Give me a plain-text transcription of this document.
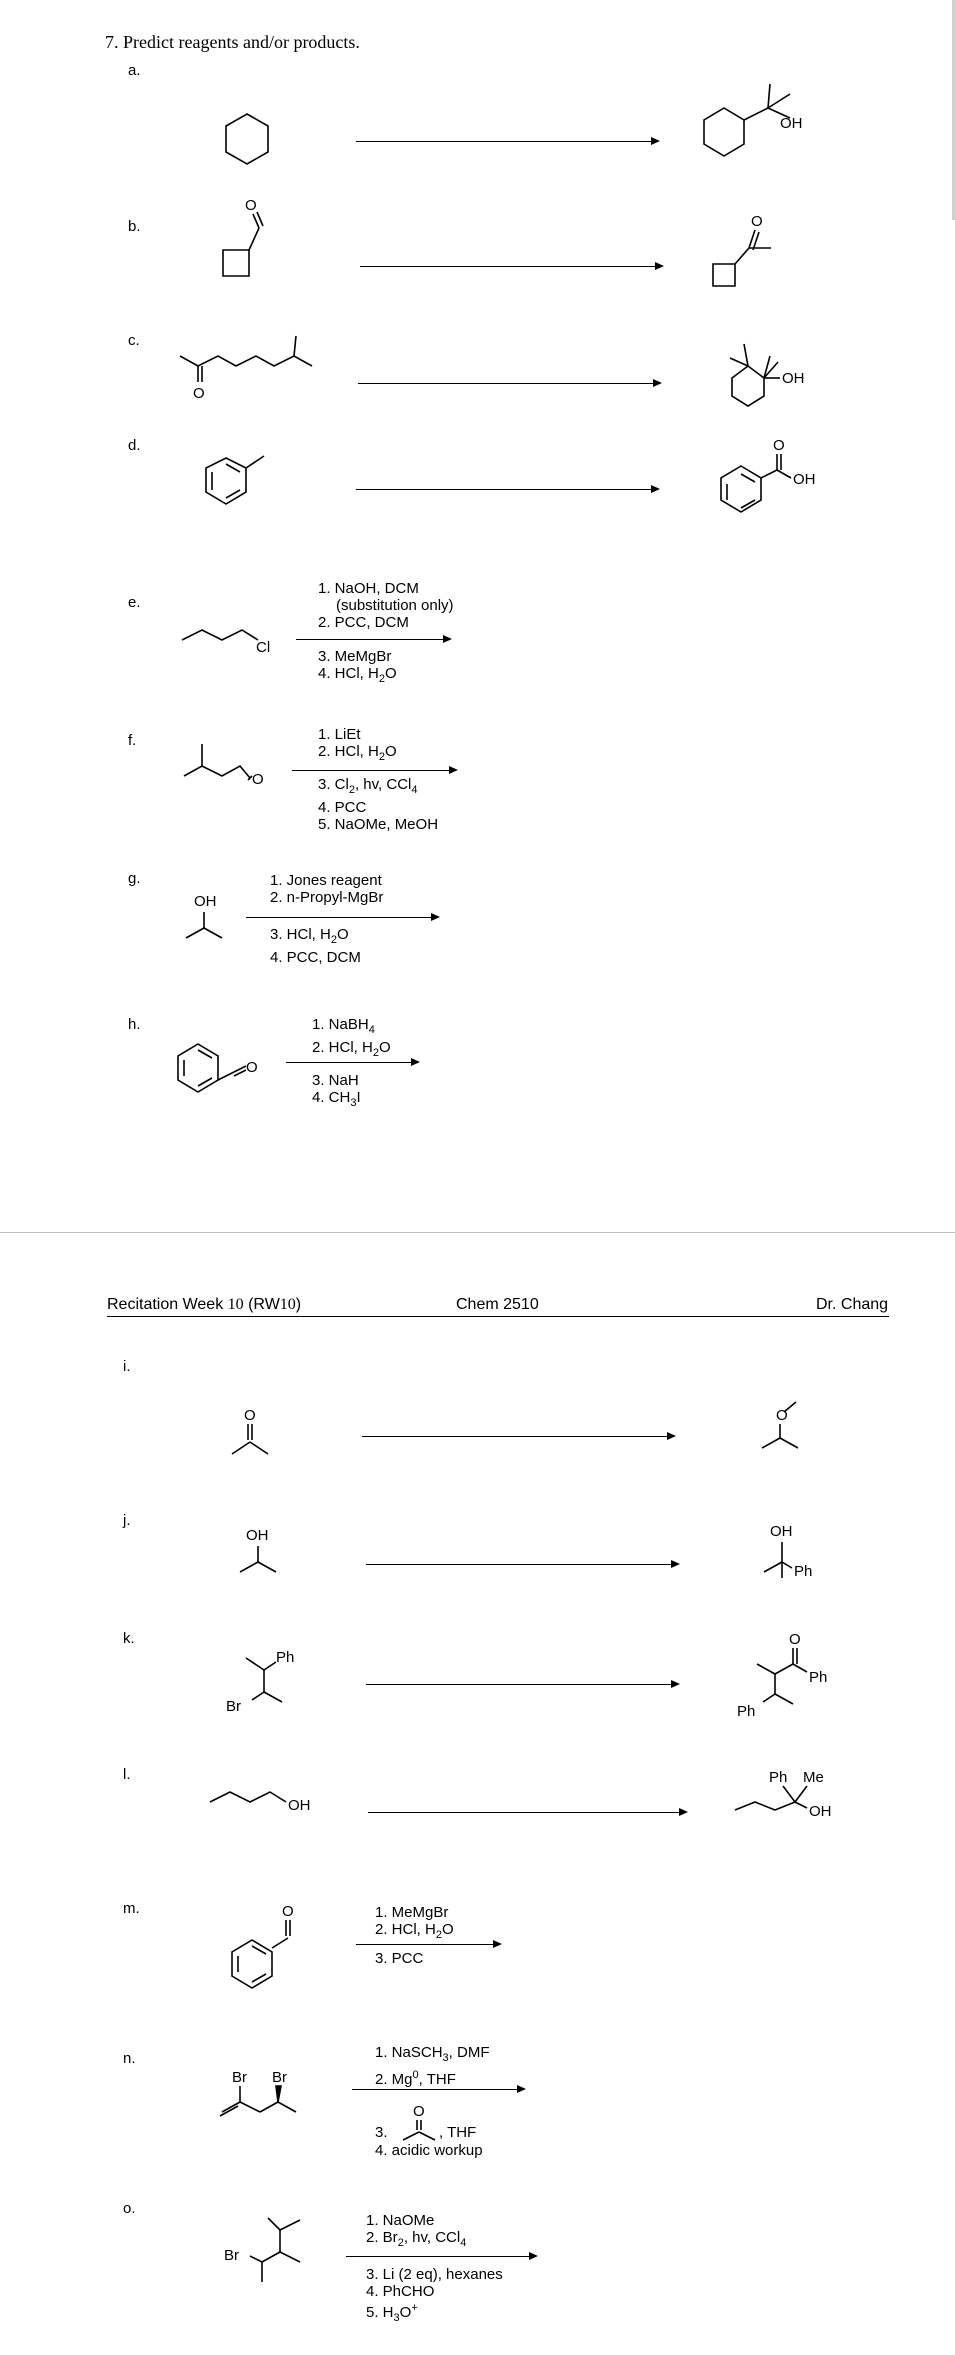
7. Predict reagents and/or products.
a.
OH
b.
O
O
c.
O
OH
d.	O
OH
e.
Cl
1. NaOH, DCM
(substitution only)
2. PCC, DCM
3. MeMgBr
4. HCl, $H_2O$
f.
O
1. LiEt
2. HCl, $H_2O$
3. $Cl_2$, hv, CCl$_4$
4. PCC
5. NaOMe, MeOH
g.
OH
1. Jones reagent
2. n-Propyl-MgBr
3. HCl, $H_2O$
4. PCC, DCM
h.
O
1. NaBH$_4$
2. HCl, $H_2O$
3. NaH
4. $CH_3I$
Recitation Week 10 (RW10)	Chem 2510	Dr. Chang
i.
O	O
j.
OH	OH
Ph
k.
Ph
Br
O
Ph
Ph
l.
OH
Ph Me
OH
m.	O	1. MeMgBr
2. HCl, $H_2O$
3. PCC
n.
Br Br
1. NaSCH$_3$, DMF
2. Mg$^0$, THF
3.
O
, THF
4. acidic workup
o.
Br
1. NaOMe
2. $Br_2$, hv, CCl$_4$
3. Li (2 eq), hexanes
4. PhCHO
5. $H_3O^+$
